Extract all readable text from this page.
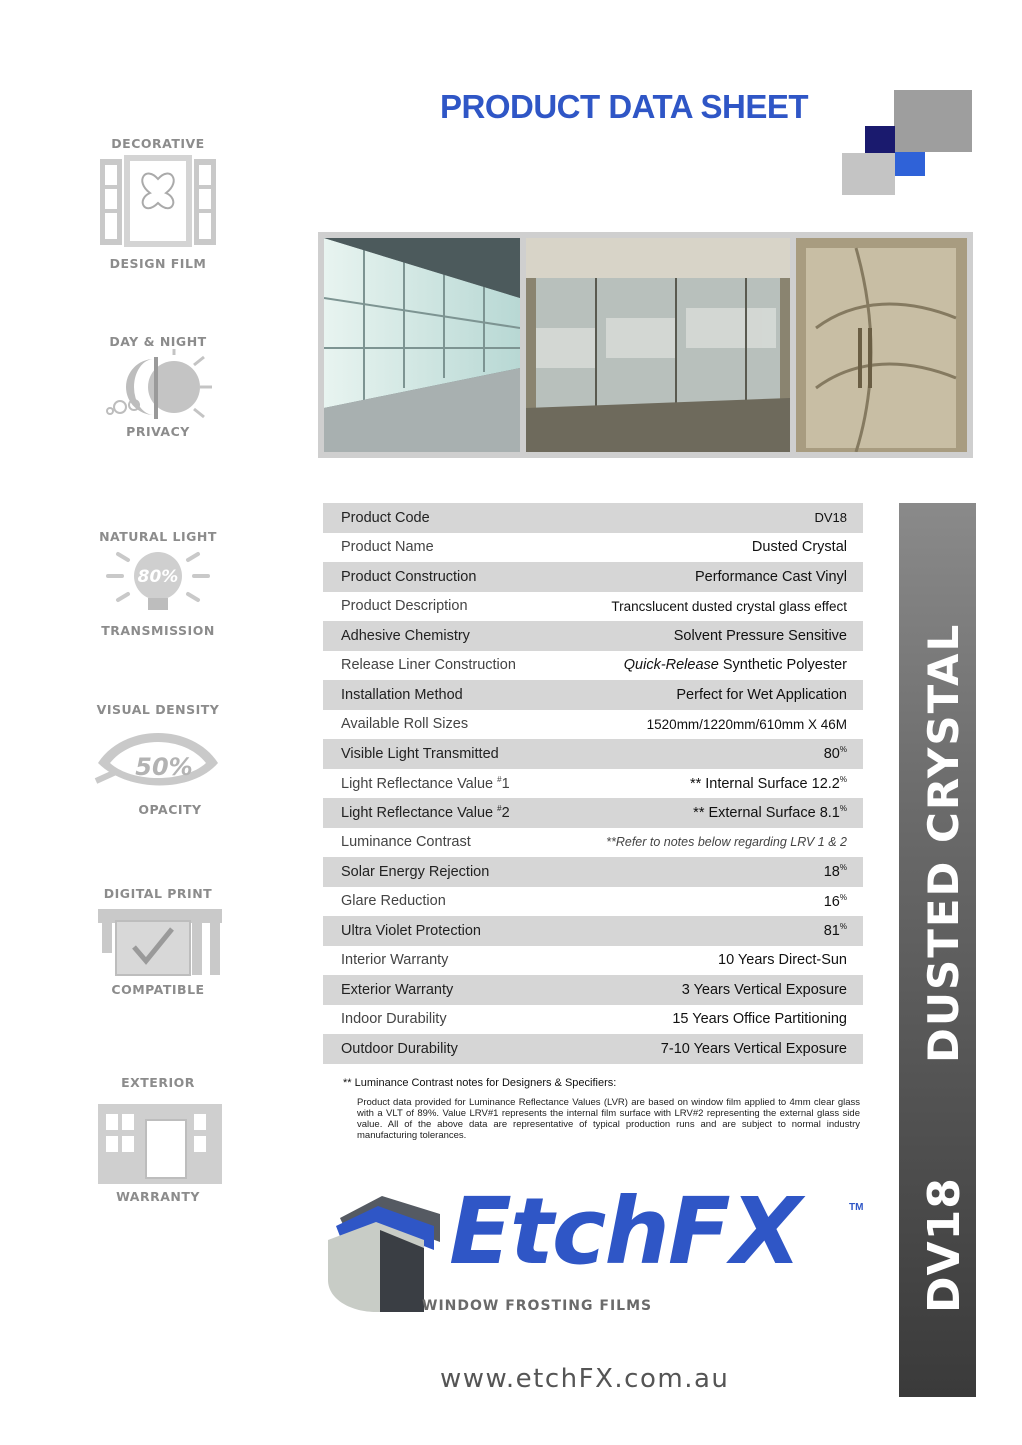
PRODUCT DATA SHEET
DECORATIVE
DESIGN FILM
DAY & NIGHT
PRIVACY
NATURAL LIGHT
80%
TRANSMISSION
VISUAL DENSITY
50%
OPACITY
DIGITAL PRINT
COMPATIBLE
EXTERIOR
WARRANTY
Product Code	DV18
Product Name	Dusted Crystal
Product Construction	Performance Cast Vinyl
Product Description	Trancslucent dusted crystal glass effect
Adhesive Chemistry	Solvent Pressure Sensitive
Release Liner Construction	Quick-Release Synthetic Polyester
Installation Method	Perfect for Wet Application
Available Roll Sizes	1520mm/1220mm/610mm X 46M
Visible Light Transmitted	80%
Light Reflectance Value #1	** Internal Surface 12.2%
Light Reflectance Value #2	** External Surface 8.1%
Luminance Contrast	**Refer to notes below regarding LRV 1 & 2
Solar Energy Rejection	18%
Glare Reduction	16%
Ultra Violet Protection	81%
Interior Warranty	10 Years Direct-Sun
Exterior Warranty	3 Years Vertical Exposure
Indoor Durability	15 Years Office Partitioning
Outdoor Durability	7-10 Years Vertical Exposure DUSTED CRYSTAL
DV18
** Luminance Contrast notes for Designers & Specifiers:
Product data provided for Luminance Reflectance Values (LVR) are based on window film applied to 4mm clear glass with a VLT of 89%. Value LRV#1 represents the internal film surface with LRV#2 representing the external glass side value. All of the above data are representative of typical production runs and are subject to normal industry manufacturing tolerances.
EtchFX
WINDOW FROSTING FILMS
TM
www.etchFX.com.au
